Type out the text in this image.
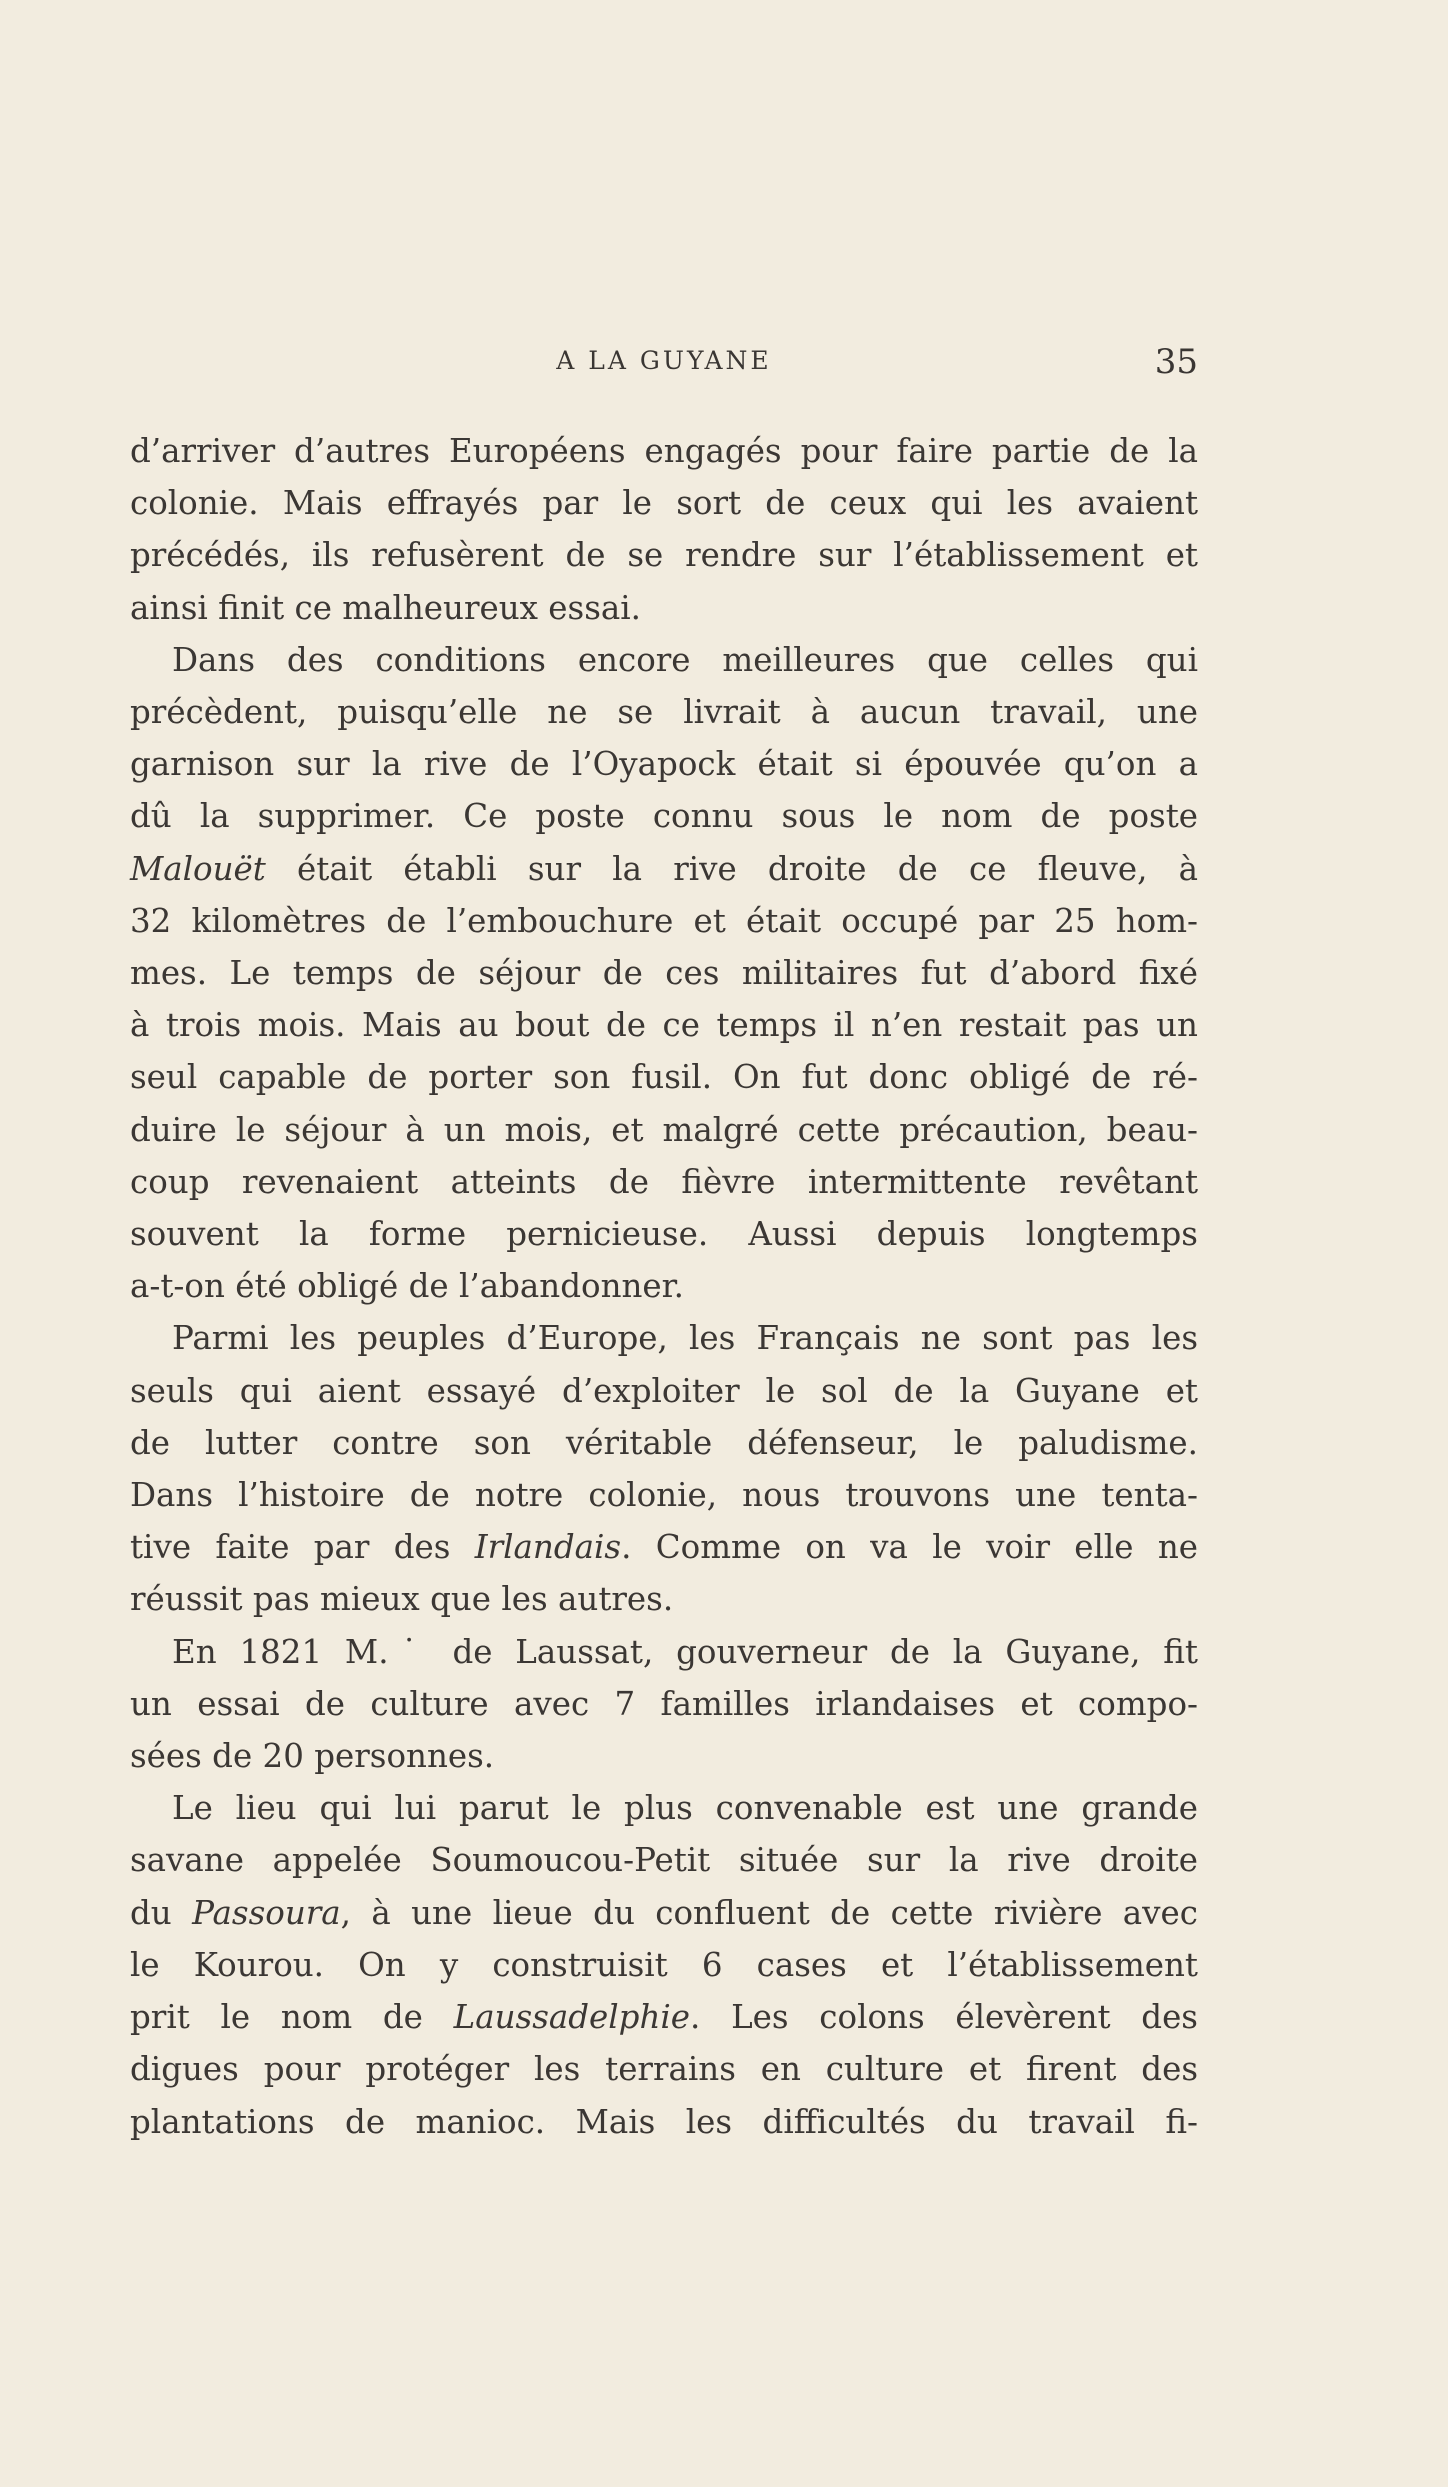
A LA GUYANE	35
d’arriver d’autres Européens engagés pour faire partie de la
colonie. Mais effrayés par le sort de ceux qui les avaient
précédés, ils refusèrent de se rendre sur l’établissement et
ainsi finit ce malheureux essai.
Dans des conditions encore meilleures que celles qui
précèdent, puisqu’elle ne se livrait à aucun travail, une
garnison sur la rive de l’Oyapock était si épouvée qu’on a
dû la supprimer. Ce poste connu sous le nom de poste
Malouët était établi sur la rive droite de ce fleuve, à
32 kilomètres de l’embouchure et était occupé par 25 hom-
mes. Le temps de séjour de ces militaires fut d’abord fixé
à trois mois. Mais au bout de ce temps il n’en restait pas un
seul capable de porter son fusil. On fut donc obligé de ré-
duire le séjour à un mois, et malgré cette précaution, beau-
coup revenaient atteints de fièvre intermittente revêtant
souvent la forme pernicieuse. Aussi depuis longtemps
a-t-on été obligé de l’abandonner.
Parmi les peuples d’Europe, les Français ne sont pas les
seuls qui aient essayé d’exploiter le sol de la Guyane et
de lutter contre son véritable défenseur, le paludisme.
Dans l’histoire de notre colonie, nous trouvons une tenta-
tive faite par des Irlandais. Comme on va le voir elle ne
réussit pas mieux que les autres.
En 1821 M.˙ de Laussat, gouverneur de la Guyane, fit
un essai de culture avec 7 familles irlandaises et compo-
sées de 20 personnes.
Le lieu qui lui parut le plus convenable est une grande
savane appelée Soumoucou-Petit située sur la rive droite
du Passoura, à une lieue du confluent de cette rivière avec
le Kourou. On y construisit 6 cases et l’établissement
prit le nom de Laussadelphie. Les colons élevèrent des
digues pour protéger les terrains en culture et firent des
plantations de manioc. Mais les difficultés du travail fi-
